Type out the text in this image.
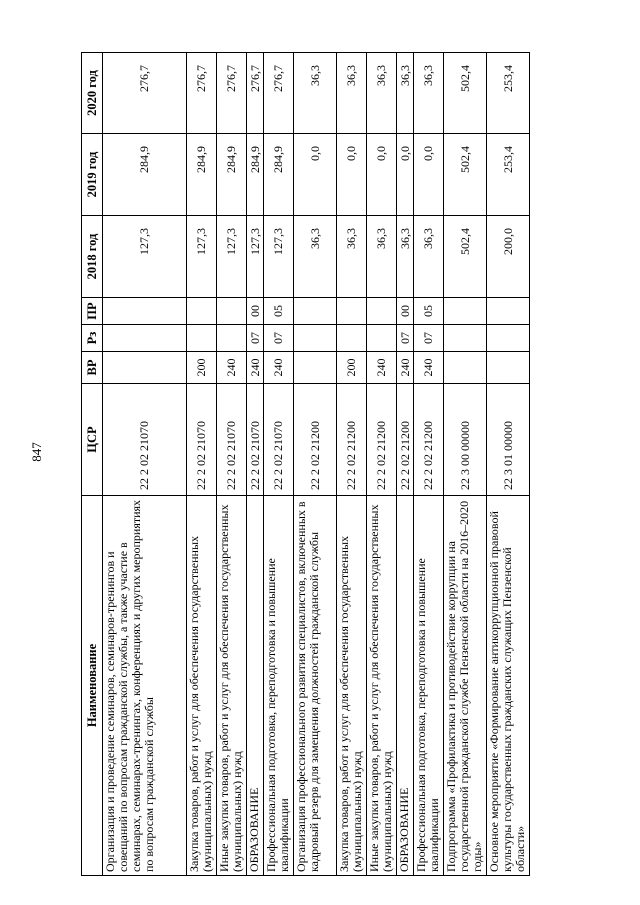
847
Наименование	ЦСР	ВР	Рз	ПР	2018 год	2019 год	2020 год
Организация и проведение семинаров, семинаров-тренингов и совещаний по вопросам гражданской службы, а также участие в семинарах, семинарах-тренингах, конференциях и других мероприятиях по вопросам гражданской службы	22 2 02 21070				127,3	284,9	276,7
Закупка товаров, работ и услуг для обеспечения государственных (муниципальных) нужд	22 2 02 21070	200			127,3	284,9	276,7
Иные закупки товаров, работ и услуг для обеспечения государственных (муниципальных) нужд	22 2 02 21070	240			127,3	284,9	276,7
ОБРАЗОВАНИЕ	22 2 02 21070	240	07	00	127,3	284,9	276,7
Профессиональная подготовка, переподготовка и повышение квалификации	22 2 02 21070	240	07	05	127,3	284,9	276,7
Организация профессионального развития специалистов, включенных в кадровый резерв для замещения должностей гражданской службы	22 2 02 21200				36,3	0,0	36,3
Закупка товаров, работ и услуг для обеспечения государственных (муниципальных) нужд	22 2 02 21200	200			36,3	0,0	36,3
Иные закупки товаров, работ и услуг для обеспечения государственных (муниципальных) нужд	22 2 02 21200	240			36,3	0,0	36,3
ОБРАЗОВАНИЕ	22 2 02 21200	240	07	00	36,3	0,0	36,3
Профессиональная подготовка, переподготовка и повышение квалификации	22 2 02 21200	240	07	05	36,3	0,0	36,3
Подпрограмма «Профилактика и противодействие коррупции на государственной гражданской службе Пензенской области на 2016–2020 годы»	22 3 00 00000				502,4	502,4	502,4
Основное мероприятие «Формирование антикоррупционной правовой культуры государственных гражданских служащих Пензенской области»	22 3 01 00000				200,0	253,4	253,4
